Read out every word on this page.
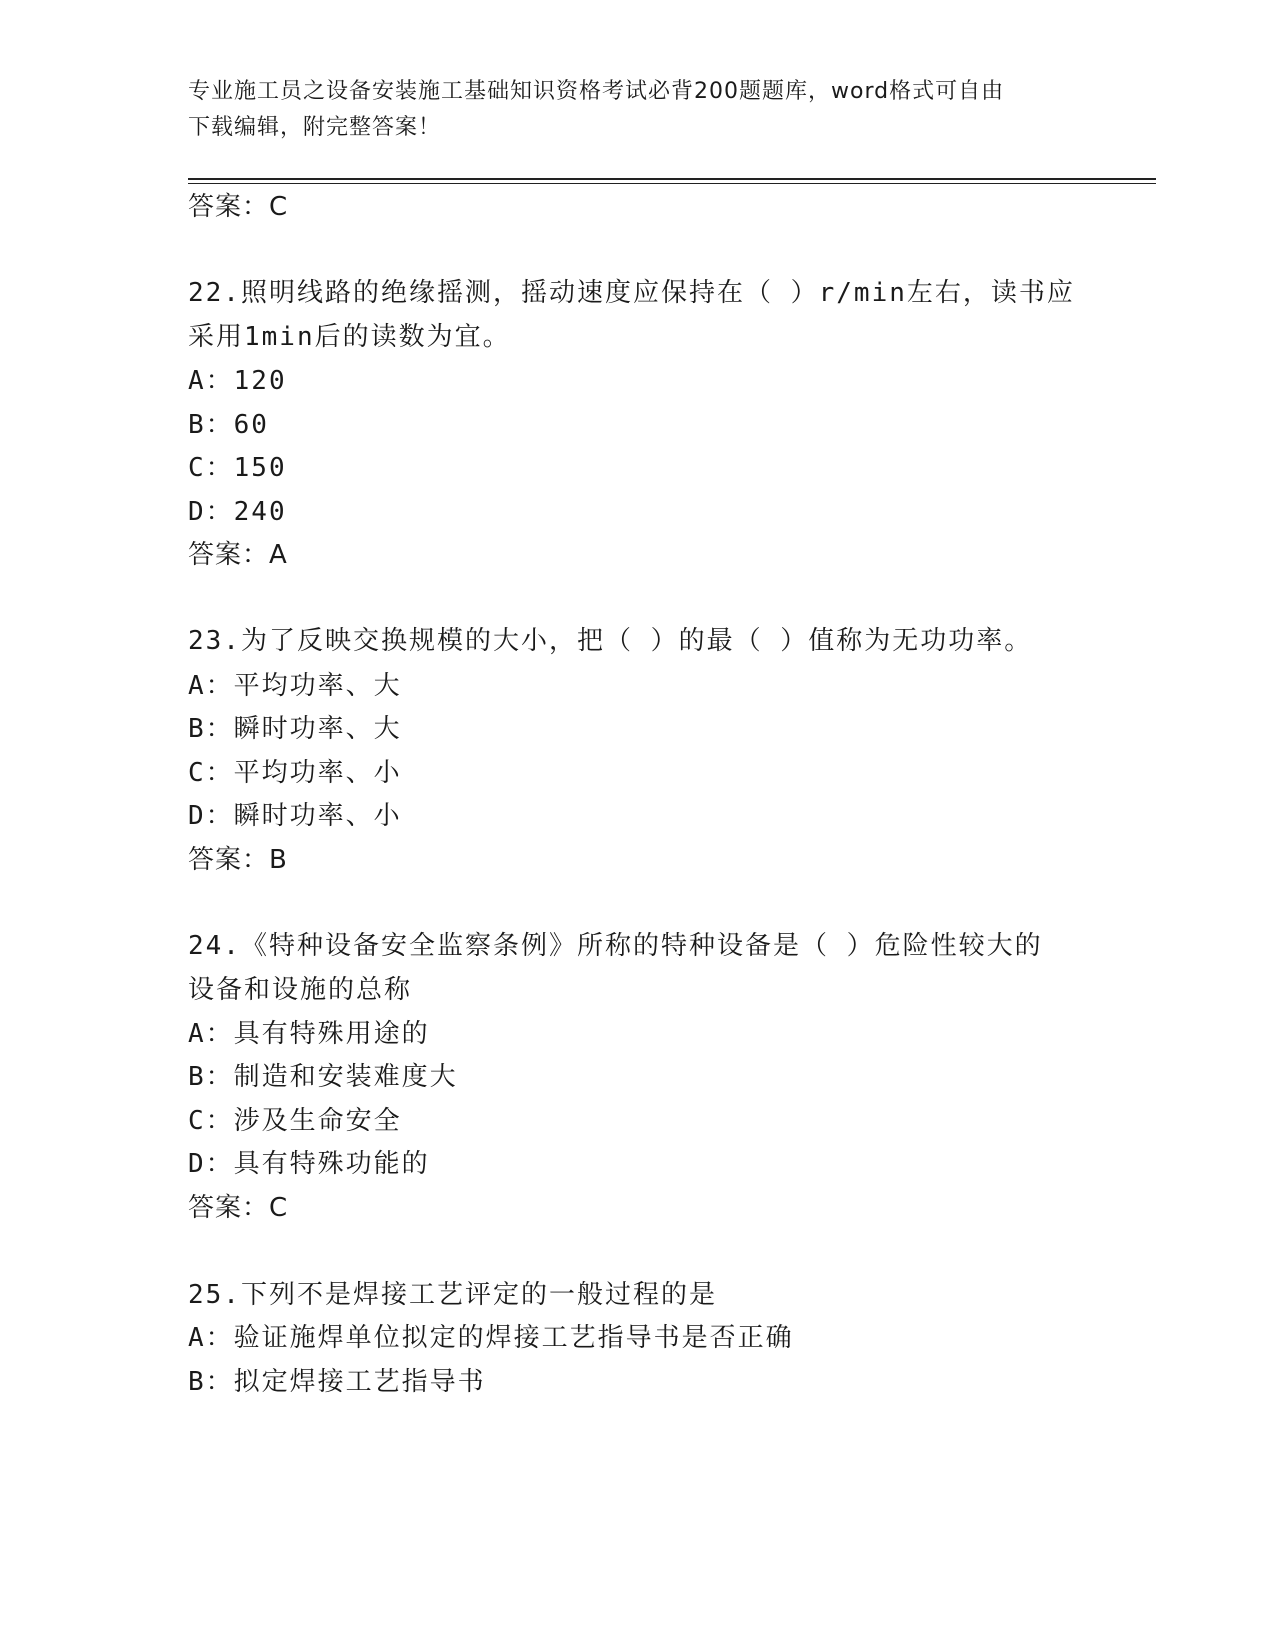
专业施工员之设备安装施工基础知识资格考试必背200题题库，word格式可自由
下载编辑，附完整答案！
答案：C
22.照明线路的绝缘摇测，摇动速度应保持在（ ）r/min左右，读书应
采用1min后的读数为宜。
A：120
B：60
C：150
D：240
答案：A
23.为了反映交换规模的大小，把（ ）的最（ ）值称为无功功率。
A：平均功率、大
B：瞬时功率、大
C：平均功率、小
D：瞬时功率、小
答案：B
24.《特种设备安全监察条例》所称的特种设备是（ ）危险性较大的
设备和设施的总称
A：具有特殊用途的
B：制造和安装难度大
C：涉及生命安全
D：具有特殊功能的
答案：C
25.下列不是焊接工艺评定的一般过程的是
A：验证施焊单位拟定的焊接工艺指导书是否正确
B：拟定焊接工艺指导书
